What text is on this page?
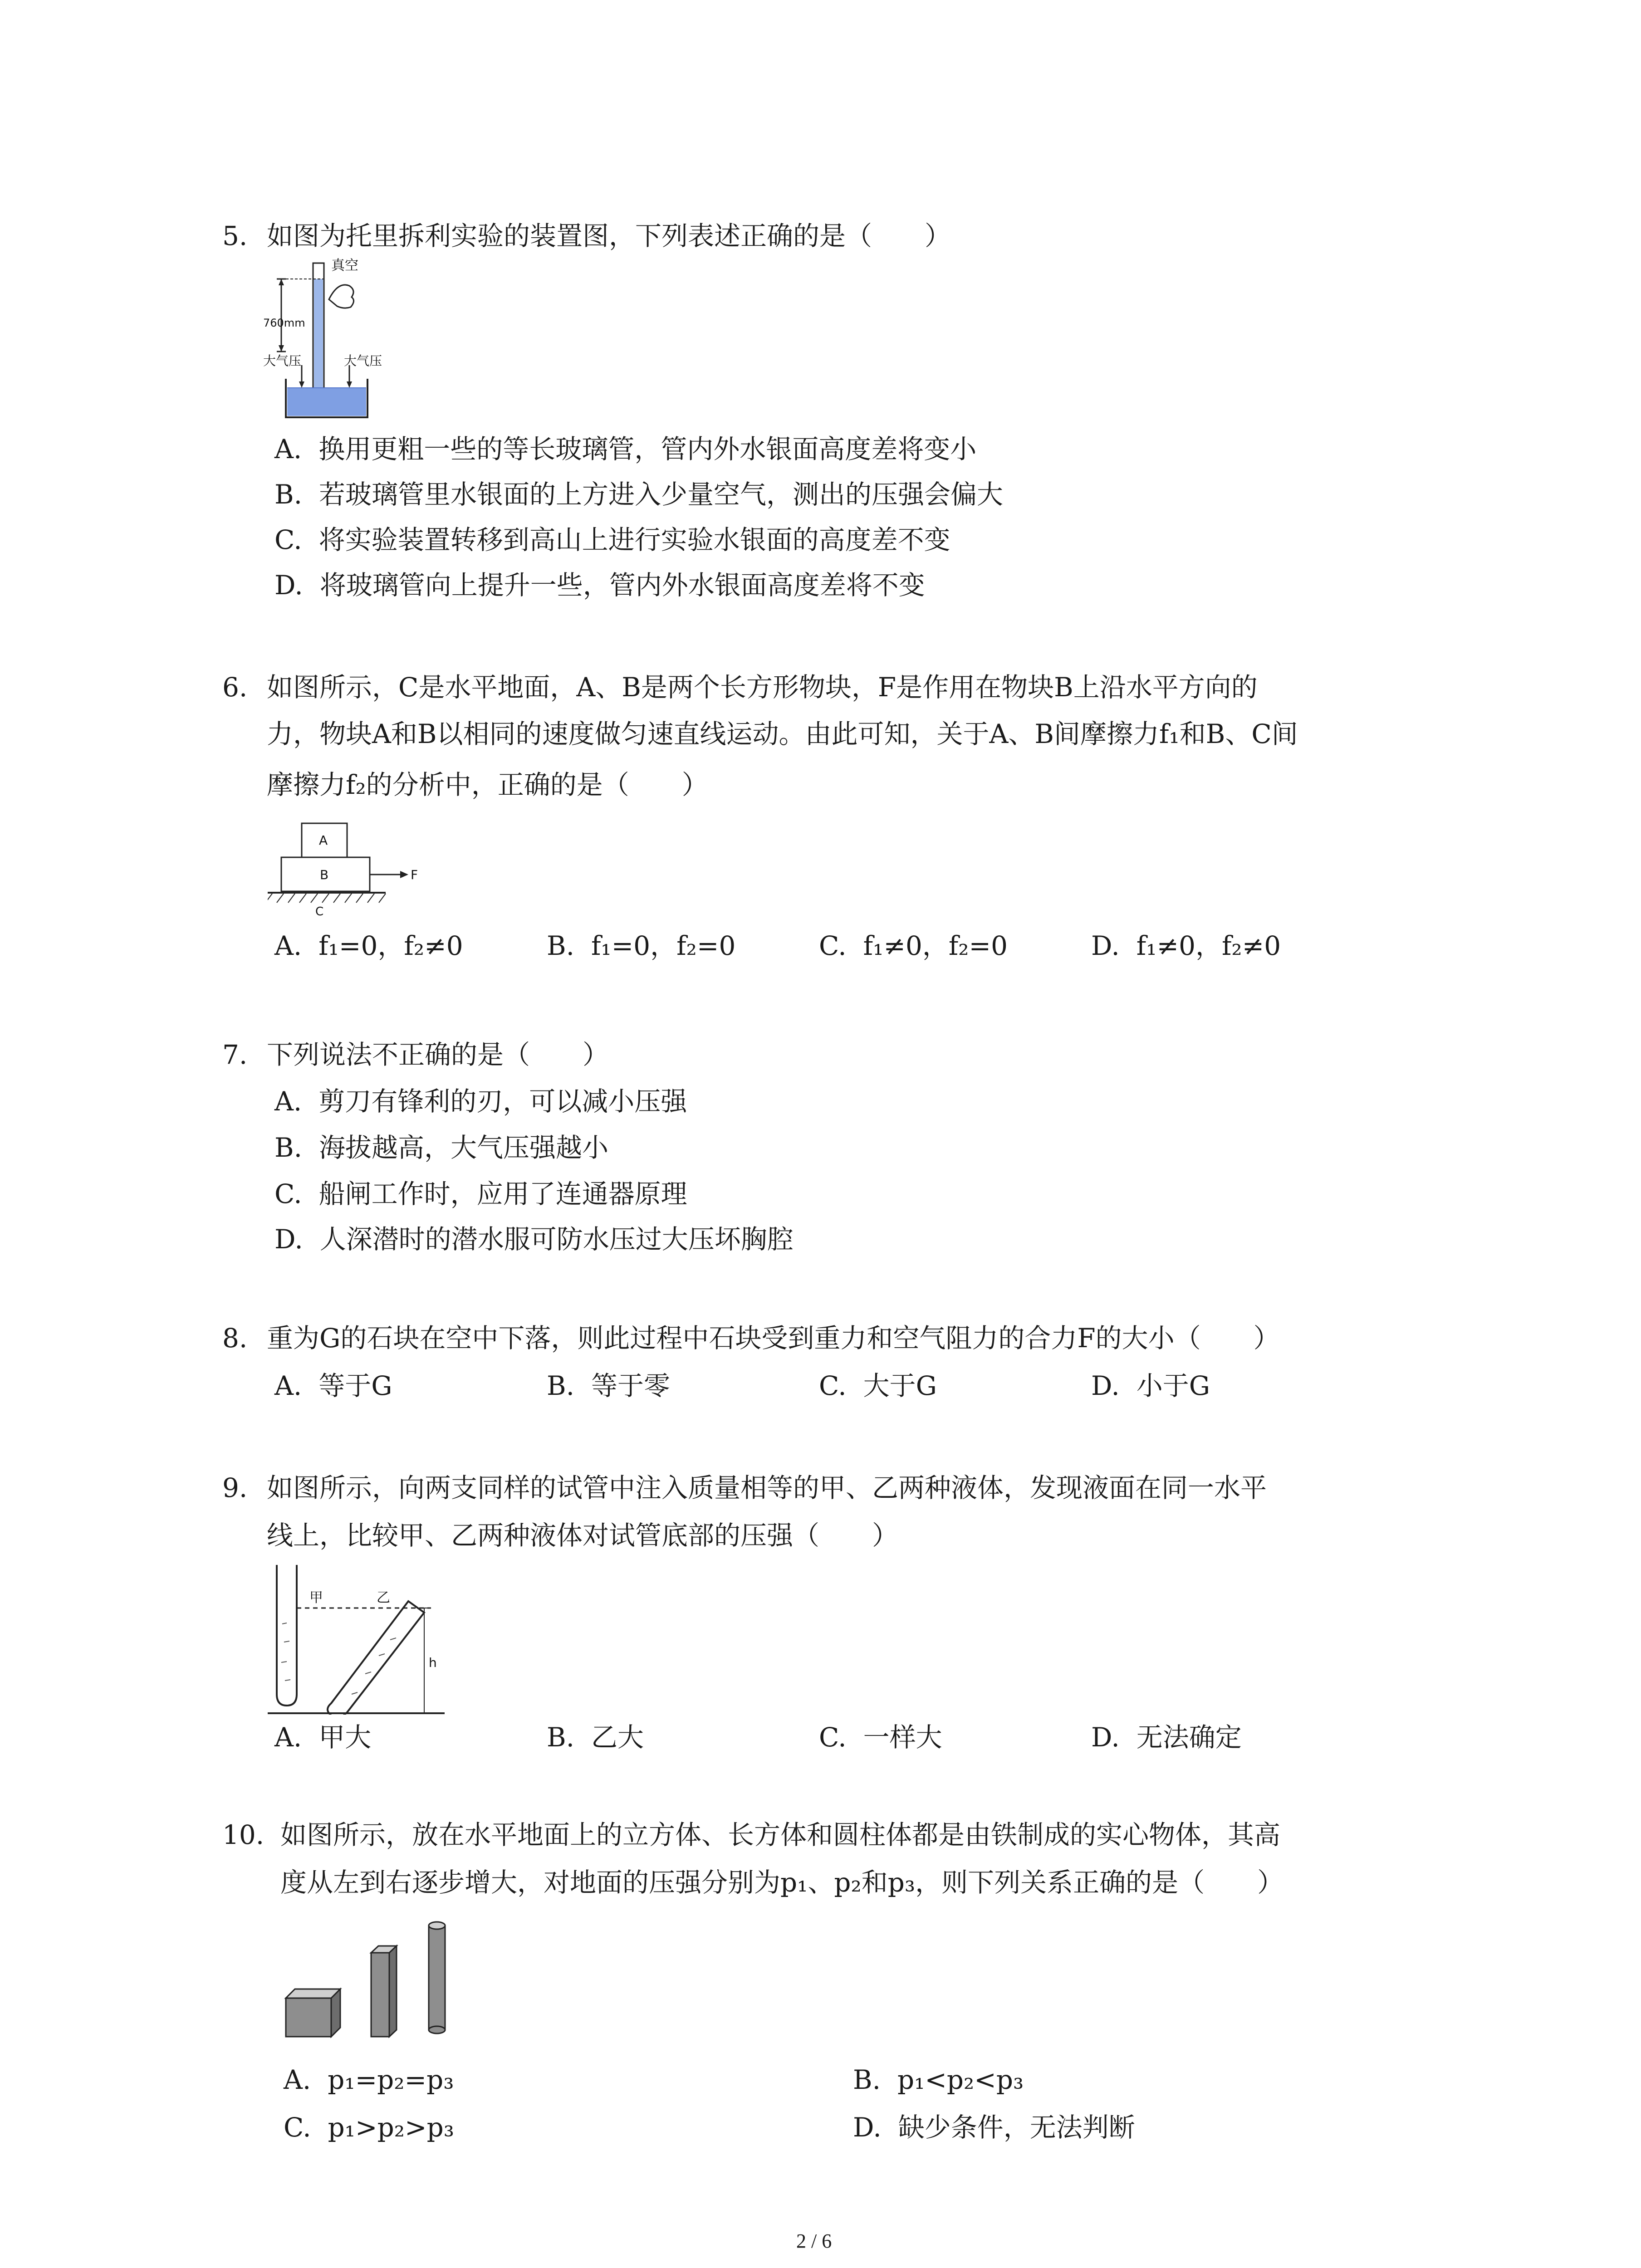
5. 如图为托里拆利实验的装置图，下列表述正确的是（　　）
真空
760mm
大气压	大气压
A. 换用更粗一些的等长玻璃管，管内外水银面高度差将变小
B. 若玻璃管里水银面的上方进入少量空气，测出的压强会偏大
C. 将实验装置转移到高山上进行实验水银面的高度差不变
D. 将玻璃管向上提升一些，管内外水银面高度差将不变
6. 如图所示，C是水平地面，A、B是两个长方形物块，F是作用在物块B上沿水平方向的
力，物块A和B以相同的速度做匀速直线运动。由此可知，关于A、B间摩擦力f₁和B、C间
摩擦力f₂的分析中，正确的是（　　）
A
B
C
F
A. f₁=0，f₂≠0	B. f₁=0，f₂=0	C. f₁≠0，f₂=0	D. f₁≠0，f₂≠0
7. 下列说法不正确的是（　　）
A. 剪刀有锋利的刃，可以减小压强
B. 海拔越高，大气压强越小
C. 船闸工作时，应用了连通器原理
D. 人深潜时的潜水服可防水压过大压坏胸腔
8. 重为G的石块在空中下落，则此过程中石块受到重力和空气阻力的合力F的大小（　　）
A. 等于G	B. 等于零	C. 大于G	D. 小于G
9. 如图所示，向两支同样的试管中注入质量相等的甲、乙两种液体，发现液面在同一水平
线上，比较甲、乙两种液体对试管底部的压强（　　）
甲	乙
h
A. 甲大	B. 乙大	C. 一样大	D. 无法确定
10. 如图所示，放在水平地面上的立方体、长方体和圆柱体都是由铁制成的实心物体，其高
度从左到右逐步增大，对地面的压强分别为p₁、p₂和p₃，则下列关系正确的是（　　）
A. p₁=p₂=p₃	B. p₁<p₂<p₃
C. p₁>p₂>p₃	D. 缺少条件，无法判断
2 / 6
